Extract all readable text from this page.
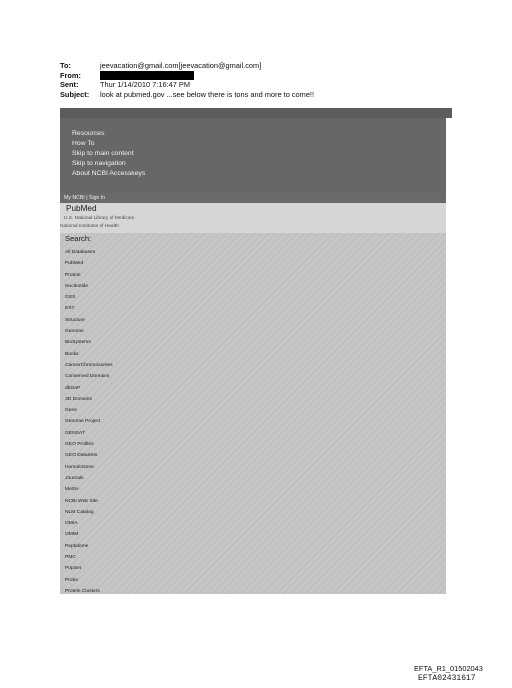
To:	jeevacation@gmail.com[jeevacation@gmail.com]
From:
Sent:	Thur 1/14/2010 7:16:47 PM
Subject:	look at pubmed.gov ...see below there is tons and more to come!!
Resources
How To
Skip to main content
Skip to navigation
About NCBI Accesskeys
My NCBI | Sign In
PubMed
U.S. National Library of Medicine
National Institutes of Health
Search:
All Databases
PubMed
Protein
Nucleotide
GSS
EST
Structure
Genome
BioSystems
Books
CancerChromosomes
Conserved Domains
dbGaP
3D Domains
Gene
Genome Project
GENSAT
GEO Profiles
GEO DataSets
HomoloGene
Journals
MeSH
NCBI Web Site
NLM Catalog
OMIA
OMIM
Peptidome
PMC
PopSet
Probe
Protein Clusters
EFTA_R1_01502043
EFTA02431617
